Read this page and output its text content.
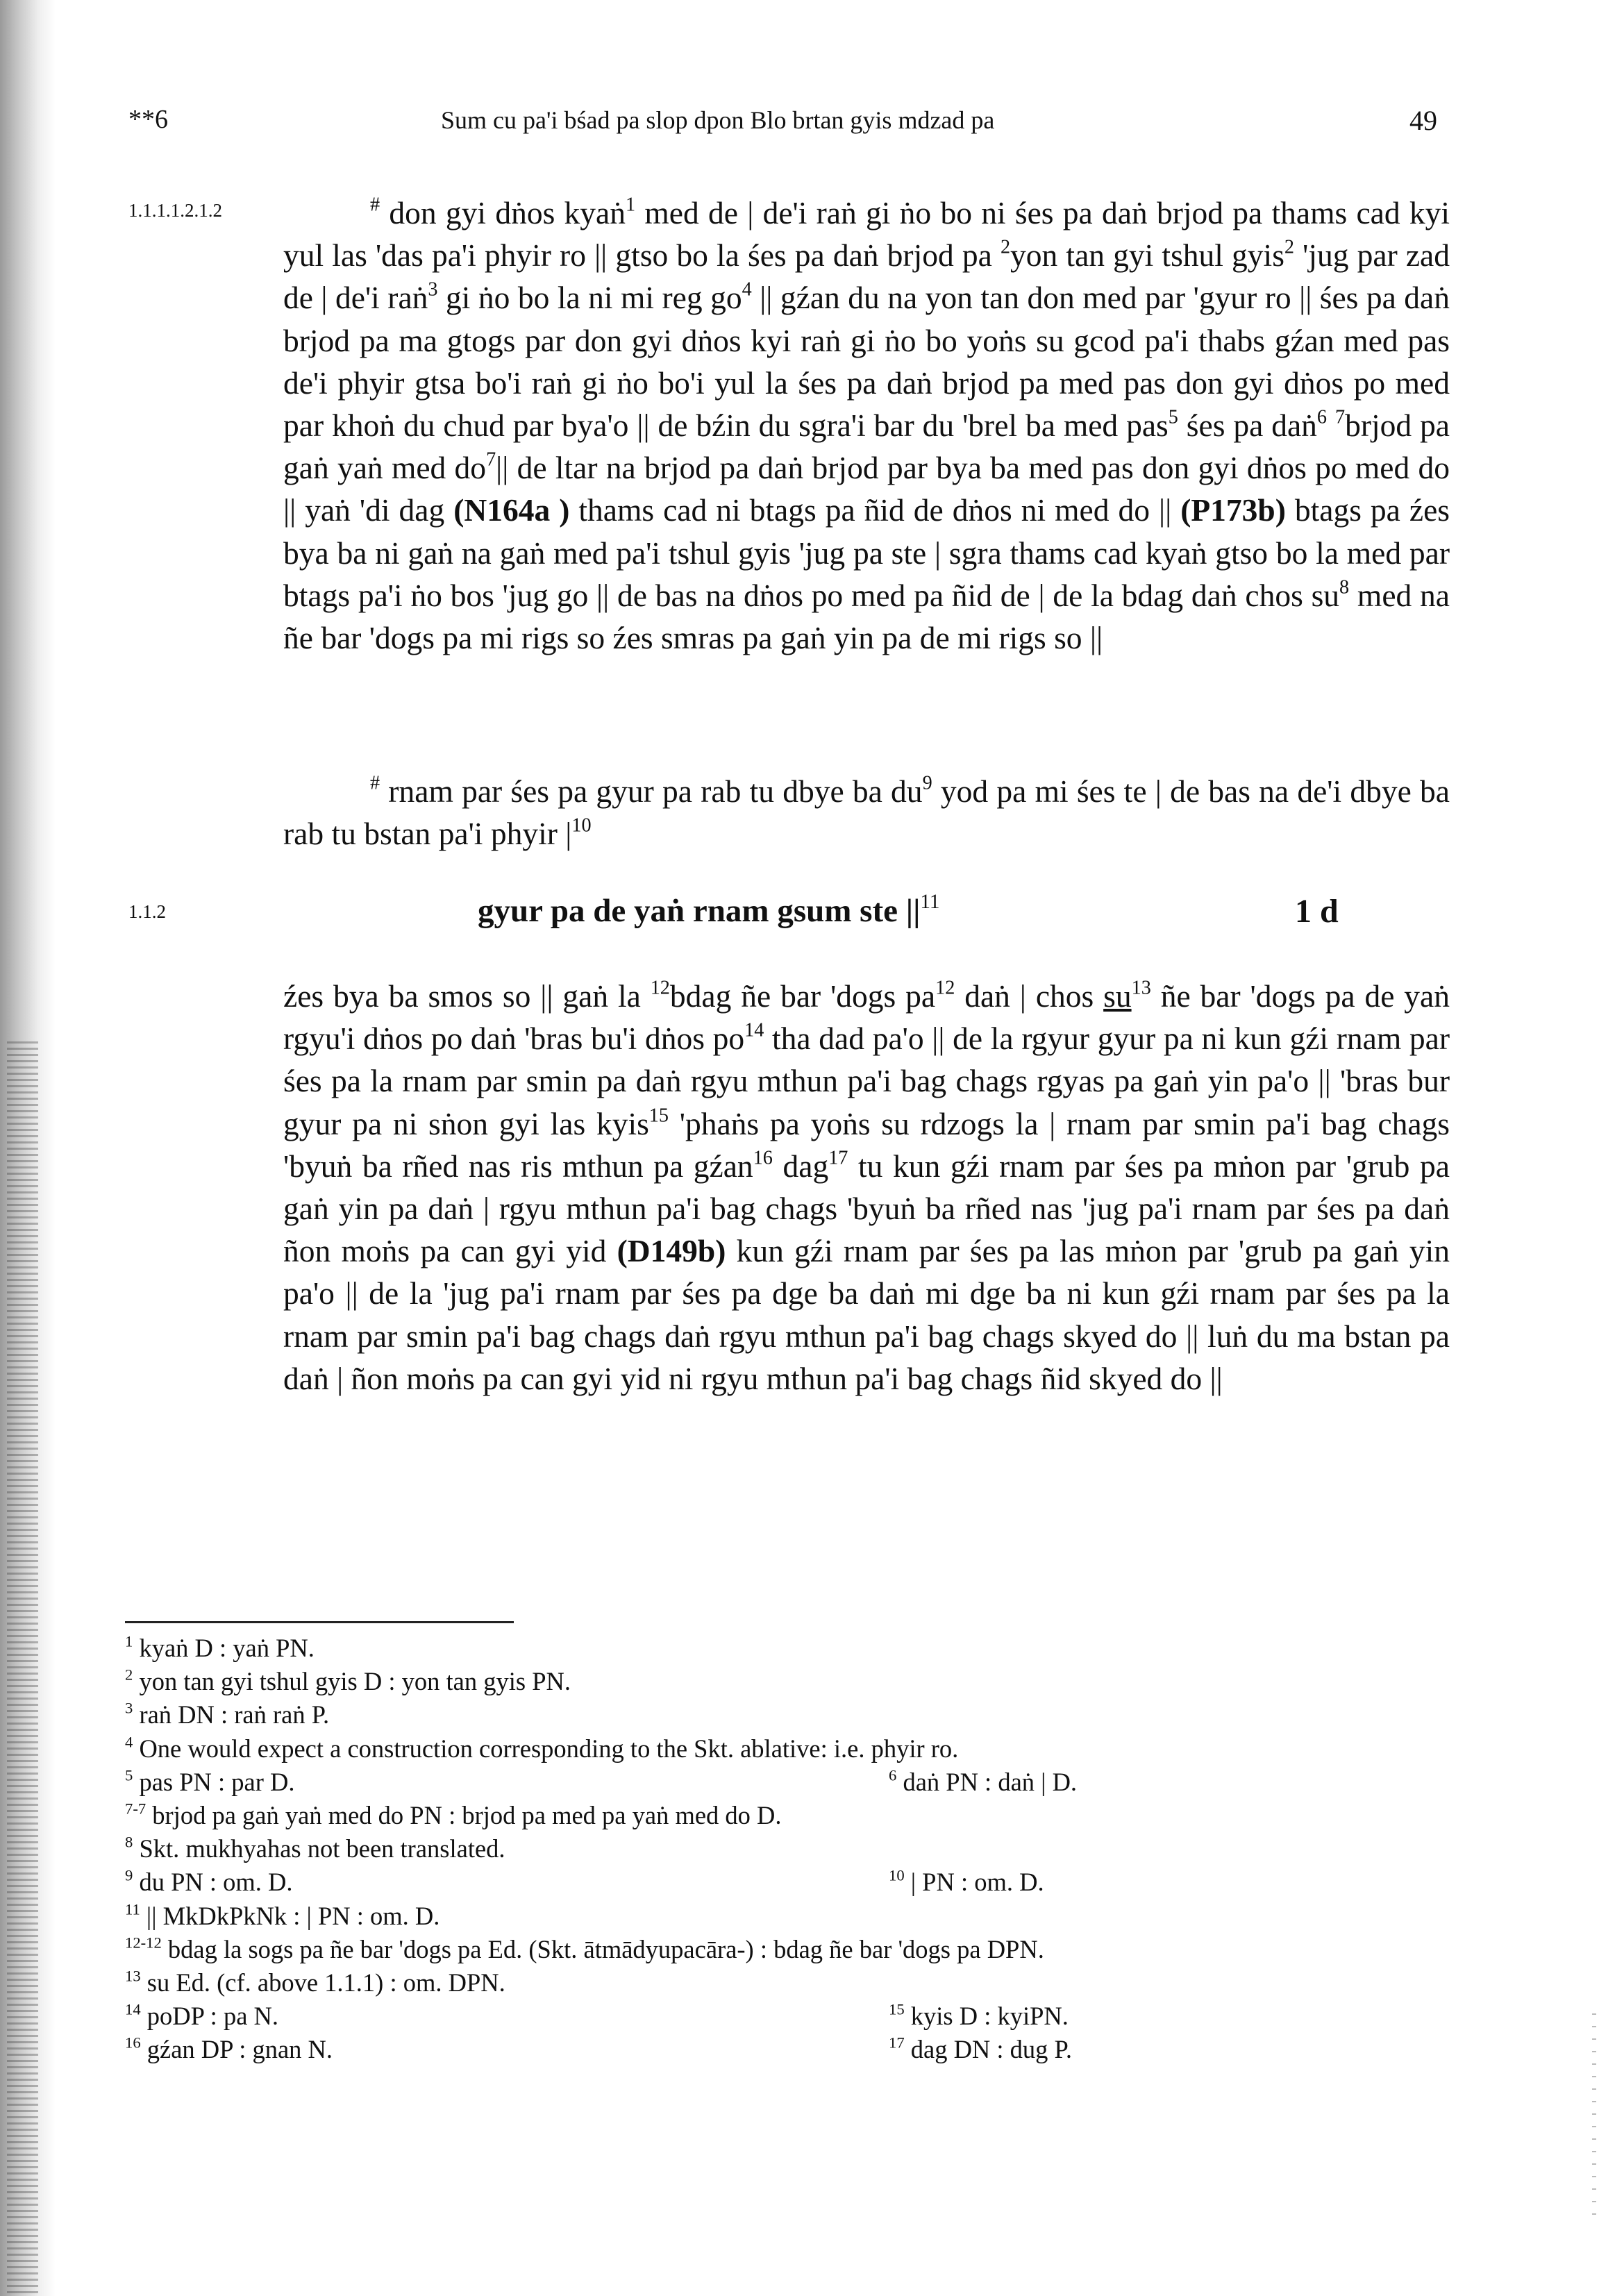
**6	Sum cu pa'i bśad pa slop dpon Blo brtan gyis mdzad pa	49
1.1.1.1.2.1.2	# don gyi dṅos kyaṅ$^1$ med de | de'i raṅ gi ṅo bo ni śes pa daṅ brjod pa thams cad kyi yul las 'das pa'i phyir ro || gtso bo la śes pa daṅ brjod pa $^2$yon tan gyi tshul gyis$^2$ 'jug par zad de | de'i raṅ$^3$ gi ṅo bo la ni mi reg $go^4$ || gźan du na yon tan don med par 'gyur ro || śes pa daṅ brjod pa ma gtogs par don gyi dṅos kyi raṅ gi ṅo bo yoṅs su gcod pa'i thabs gźan med pas de'i phyir gtsa bo'i raṅ gi ṅo bo'i yul la śes pa daṅ brjod pa med pas don gyi dṅos po med par khoṅ du chud par bya'o || de bźin du sgra'i bar du 'brel ba med pas$^5$ śes pa daṅ$^6$ $^7$brjod pa gaṅ yaṅ med $do^7||$ de ltar na brjod pa daṅ brjod par bya ba med pas don gyi dṅos po med do || yaṅ 'di dag (N164a ) thams cad ni btags pa ñid de dṅos ni med do || (P173b) btags pa źes bya ba ni gaṅ na gaṅ med pa'i tshul gyis 'jug pa ste | sgra thams cad kyaṅ gtso bo la med par btags pa'i ṅo bos 'jug go || de bas na dṅos po med pa ñid de | de la bdag daṅ chos $su^8$ med na ñe bar 'dogs pa mi rigs so źes smras pa gaṅ yin pa de mi rigs so ||

# rnam par śes pa gyur pa rab tu dbye ba $du^9$ yod pa mi śes te | de bas na de'i dbye ba rab tu bstan pa'i phyir $|^{10}$

1.1.2	gyur pa de yaṅ rnam gsum ste $||^{11}$	1 d

źes bya ba smos so || gaṅ la $^{12}$bdag ñe bar 'dogs $pa^{12}$ daṅ | chos $su^{13}$ ñe bar 'dogs pa de yaṅ rgyu'i dṅos po daṅ 'bras bu'i dṅos $po^{14}$ tha dad pa'o || de la rgyur gyur pa ni kun gźi rnam par śes pa la rnam par smin pa daṅ rgyu mthun pa'i bag chags rgyas pa gaṅ yin pa'o || 'bras bur gyur pa ni sṅon gyi las kyis$^{15}$ 'phaṅs pa yoṅs su rdzogs la | rnam par smin pa'i bag chags 'byuṅ ba rñed nas ris mthun pa gźan$^{16}$ dag$^{17}$ tu kun gźi rnam par śes pa mṅon par 'grub pa gaṅ yin pa daṅ | rgyu mthun pa'i bag chags 'byuṅ ba rñed nas 'jug pa'i rnam par śes pa daṅ ñon moṅs pa can gyi yid (D149b) kun gźi rnam par śes pa las mṅon par 'grub pa gaṅ yin pa'o || de la 'jug pa'i rnam par śes pa dge ba daṅ mi dge ba ni kun gźi rnam par śes pa la rnam par smin pa'i bag chags daṅ rgyu mthun pa'i bag chags skyed do || luṅ du ma bstan pa daṅ | ñon moṅs pa can gyi yid ni rgyu mthun pa'i bag chags ñid skyed do ||

$^1$ kyaṅ D : yaṅ PN.
$^2$ yon tan gyi tshul gyis D : yon tan gyis PN.
$^3$ raṅ DN : raṅ raṅ P.
$^4$ One would expect a construction corresponding to the Skt. ablative: i.e. phyir ro.
$^5$ pas PN : par D.	$^6$ daṅ PN : daṅ | D.
$^{7-7}$ brjod pa gaṅ yaṅ med do PN : brjod pa med pa yaṅ med do D.
$^8$ Skt. mukhyahas not been translated.
$^9$ du PN : om. D.	$^{10}$ | PN : om. D.
$^{11}$ || MkDkPkNk : | PN : om. D.
$^{12-12}$ bdag la sogs pa ñe bar 'dogs pa Ed. (Skt. ātmādyupacāra-) : bdag ñe bar 'dogs pa DPN.
$^{13}$ su Ed. (cf. above 1.1.1) : om. DPN.
$^{14}$ poDP : pa N.	$^{15}$ kyis D : kyiPN.
$^{16}$ gźan DP : gnan N.	$^{17}$ dag DN : dug P.
